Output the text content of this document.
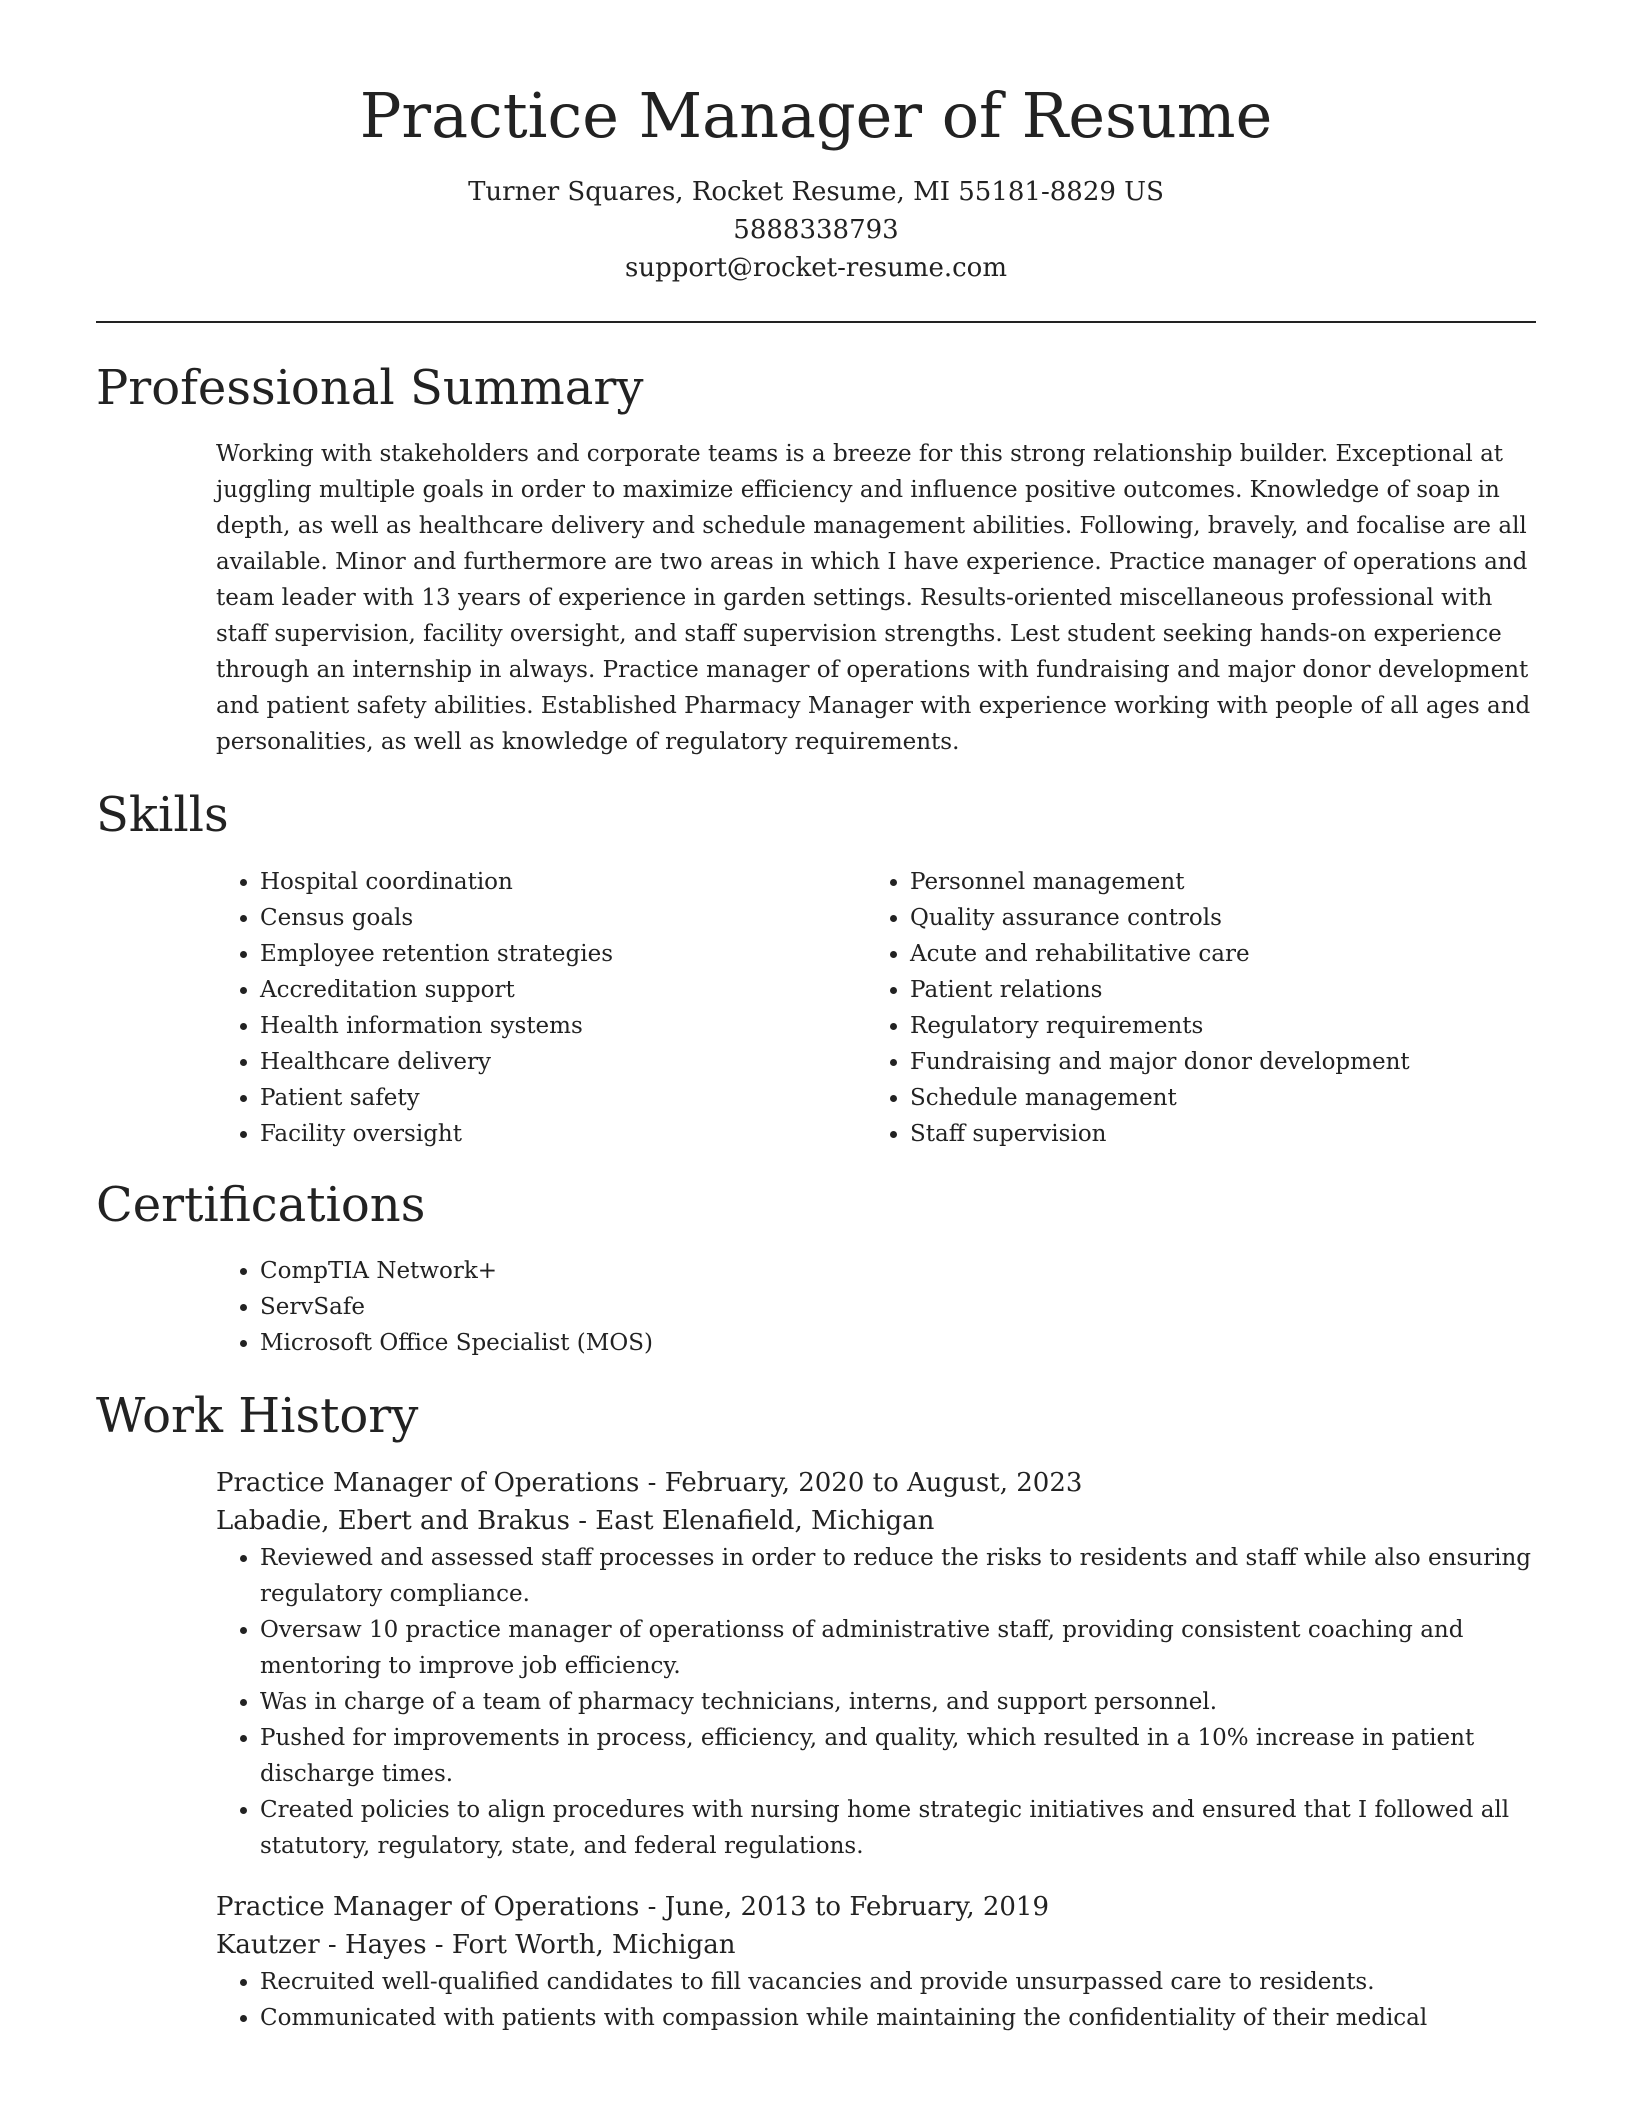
Practice Manager of Resume

Turner Squares, Rocket Resume, MI 55181-8829 US

5888338793

support@rocket-resume.com

Professional Summary

Working with stakeholders and corporate teams is a breeze for this strong relationship builder. Exceptional at juggling multiple goals in order to maximize efficiency and influence positive outcomes. Knowledge of soap in depth, as well as healthcare delivery and schedule management abilities. Following, bravely, and focalise are all available. Minor and furthermore are two areas in which I have experience. Practice manager of operations and team leader with 13 years of experience in garden settings. Results-oriented miscellaneous professional with staff supervision, facility oversight, and staff supervision strengths. Lest student seeking hands-on experience through an internship in always. Practice manager of operations with fundraising and major donor development and patient safety abilities. Established Pharmacy Manager with experience working with people of all ages and personalities, as well as knowledge of regulatory requirements.

Skills
• Hospital coordination
• Census goals
• Employee retention strategies
• Accreditation support
• Health information systems
• Healthcare delivery
• Patient safety
• Facility oversight
• Personnel management
• Quality assurance controls
• Acute and rehabilitative care
• Patient relations
• Regulatory requirements
• Fundraising and major donor development
• Schedule management
• Staff supervision
Certifications
• CompTIA Network+
• ServSafe
• Microsoft Office Specialist (MOS)
Work History

Practice Manager of Operations - February, 2020 to August, 2023

Labadie, Ebert and Brakus - East Elenafield, Michigan

• Reviewed and assessed staff processes in order to reduce the risks to residents and staff while also ensuring regulatory compliance.
• Oversaw 10 practice manager of operationss of administrative staff, providing consistent coaching and mentoring to improve job efficiency.
• Was in charge of a team of pharmacy technicians, interns, and support personnel.
• Pushed for improvements in process, efficiency, and quality, which resulted in a 10% increase in patient discharge times.
• Created policies to align procedures with nursing home strategic initiatives and ensured that I followed all statutory, regulatory, state, and federal regulations.

Practice Manager of Operations - June, 2013 to February, 2019

Kautzer - Hayes - Fort Worth, Michigan

• Recruited well-qualified candidates to fill vacancies and provide unsurpassed care to residents.
• Communicated with patients with compassion while maintaining the confidentiality of their medical
